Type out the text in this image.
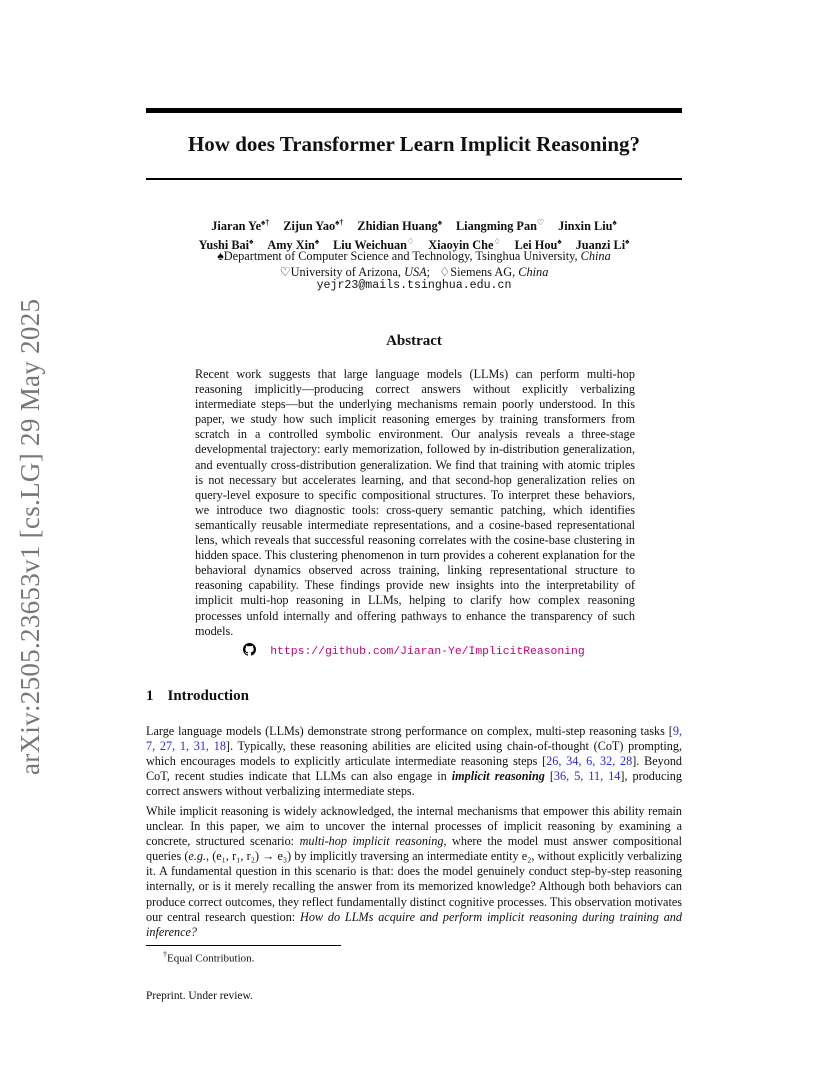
arXiv:2505.23653v1 [cs.LG] 29 May 2025
How does Transformer Learn Implicit Reasoning?
Jiaran Ye♠† Zijun Yao♠† Zhidian Huang♠ Liangming Pan♡ Jinxin Liu♠
Yushi Bai♠ Amy Xin♠ Liu Weichuan♢ Xiaoyin Che♢ Lei Hou♠ Juanzi Li♠
♠Department of Computer Science and Technology, Tsinghua University, China
♡University of Arizona, USA; ♢Siemens AG, China
yejr23@mails.tsinghua.edu.cn
Abstract
Recent work suggests that large language models (LLMs) can perform multi-hop reasoning implicitly—producing correct answers without explicitly verbalizing intermediate steps—but the underlying mechanisms remain poorly understood. In this paper, we study how such implicit reasoning emerges by training transformers from scratch in a controlled symbolic environment. Our analysis reveals a three-stage developmental trajectory: early memorization, followed by in-distribution generalization, and eventually cross-distribution generalization. We find that training with atomic triples is not necessary but accelerates learning, and that second-hop generalization relies on query-level exposure to specific compositional structures. To interpret these behaviors, we introduce two diagnostic tools: cross-query semantic patching, which identifies semantically reusable intermediate representations, and a cosine-based representational lens, which reveals that successful reasoning correlates with the cosine-base clustering in hidden space. This clustering phenomenon in turn provides a coherent explanation for the behavioral dynamics observed across training, linking representational structure to reasoning capability. These findings provide new insights into the interpretability of implicit multi-hop reasoning in LLMs, helping to clarify how complex reasoning processes unfold internally and offering pathways to enhance the transparency of such models.
https://github.com/Jiaran-Ye/ImplicitReasoning
1 Introduction
Large language models (LLMs) demonstrate strong performance on complex, multi-step reasoning tasks [9, 7, 27, 1, 31, 18]. Typically, these reasoning abilities are elicited using chain-of-thought (CoT) prompting, which encourages models to explicitly articulate intermediate reasoning steps [26, 34, 6, 32, 28]. Beyond CoT, recent studies indicate that LLMs can also engage in implicit reasoning [36, 5, 11, 14], producing correct answers without verbalizing intermediate steps.
While implicit reasoning is widely acknowledged, the internal mechanisms that empower this ability remain unclear. In this paper, we aim to uncover the internal processes of implicit reasoning by examining a concrete, structured scenario: multi-hop implicit reasoning, where the model must answer compositional queries (e.g., (e₁, r₁, r₂) → e₃) by implicitly traversing an intermediate entity e₂, without explicitly verbalizing it. A fundamental question in this scenario is that: does the model genuinely conduct step-by-step reasoning internally, or is it merely recalling the answer from its memorized knowledge? Although both behaviors can produce correct outcomes, they reflect fundamentally distinct cognitive processes. This observation motivates our central research question: How do LLMs acquire and perform implicit reasoning during training and inference?
†Equal Contribution.
Preprint. Under review.
